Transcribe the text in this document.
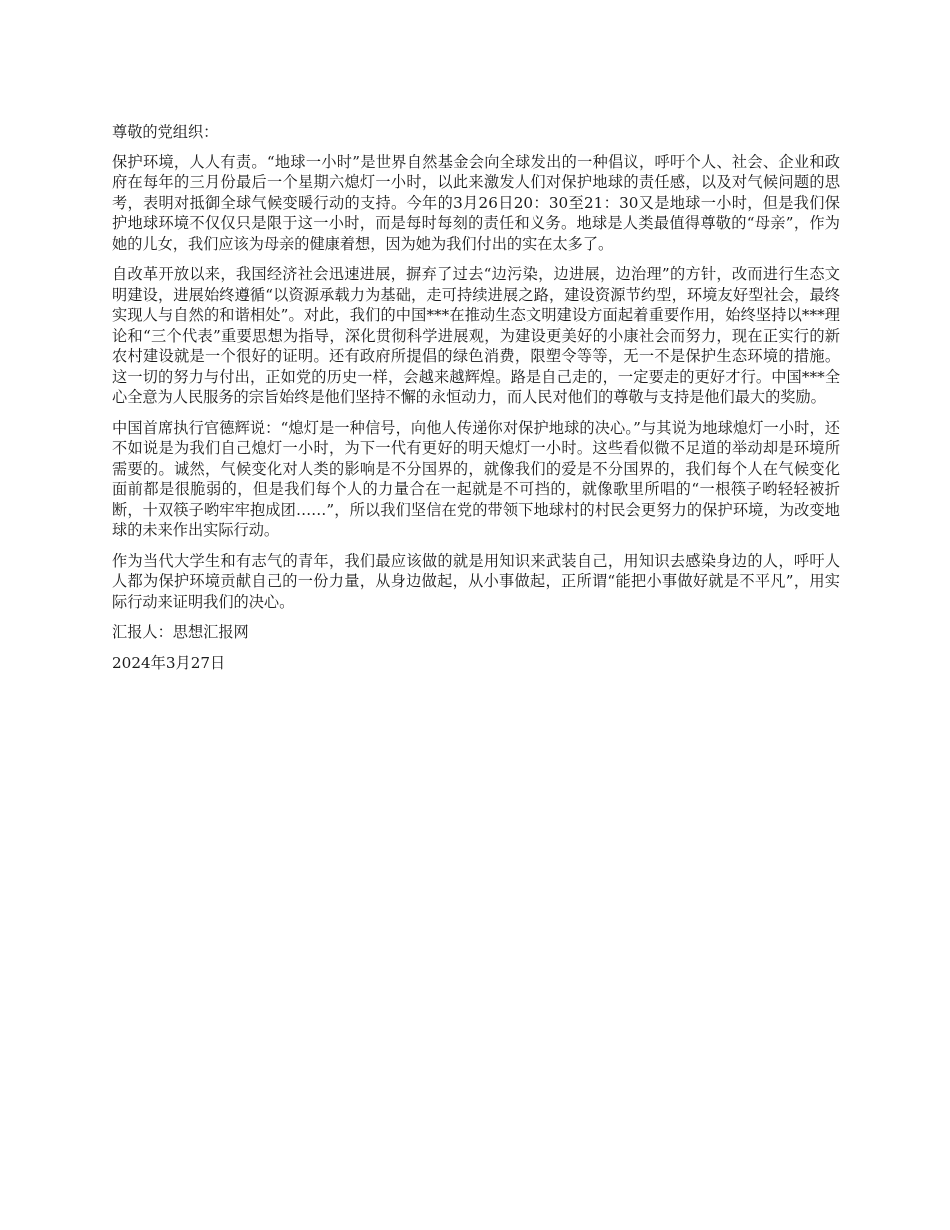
尊敬的党组织：

保护环境，人人有责。“地球一小时”是世界自然基金会向全球发出的一种倡议，呼吁个人、社会、企业和政府在每年的三月份最后一个星期六熄灯一小时，以此来激发人们对保护地球的责任感，以及对气候问题的思考，表明对抵御全球气候变暖行动的支持。今年的3月26日20：30至21：30又是地球一小时，但是我们保护地球环境不仅仅只是限于这一小时，而是每时每刻的责任和义务。地球是人类最值得尊敬的“母亲”，作为她的儿女，我们应该为母亲的健康着想，因为她为我们付出的实在太多了。

自改革开放以来，我国经济社会迅速进展，摒弃了过去“边污染，边进展，边治理”的方针，改而进行生态文明建设，进展始终遵循“以资源承载力为基础，走可持续进展之路，建设资源节约型，环境友好型社会，最终实现人与自然的和谐相处”。对此，我们的中国***在推动生态文明建设方面起着重要作用，始终坚持以***理论和“三个代表”重要思想为指导，深化贯彻科学进展观，为建设更美好的小康社会而努力，现在正实行的新农村建设就是一个很好的证明。还有政府所提倡的绿色消费，限塑令等等，无一不是保护生态环境的措施。这一切的努力与付出，正如党的历史一样，会越来越辉煌。路是自己走的，一定要走的更好才行。中国***全心全意为人民服务的宗旨始终是他们坚持不懈的永恒动力，而人民对他们的尊敬与支持是他们最大的奖励。

中国首席执行官德辉说：“熄灯是一种信号，向他人传递你对保护地球的决心。”与其说为地球熄灯一小时，还不如说是为我们自己熄灯一小时，为下一代有更好的明天熄灯一小时。这些看似微不足道的举动却是环境所需要的。诚然，气候变化对人类的影响是不分国界的，就像我们的爱是不分国界的，我们每个人在气候变化面前都是很脆弱的，但是我们每个人的力量合在一起就是不可挡的，就像歌里所唱的“一根筷子哟轻轻被折断，十双筷子哟牢牢抱成团……”，所以我们坚信在党的带领下地球村的村民会更努力的保护环境，为改变地球的未来作出实际行动。

作为当代大学生和有志气的青年，我们最应该做的就是用知识来武装自己，用知识去感染身边的人，呼吁人人都为保护环境贡献自己的一份力量，从身边做起，从小事做起，正所谓“能把小事做好就是不平凡”，用实际行动来证明我们的决心。

汇报人：思想汇报网

2024年3月27日
